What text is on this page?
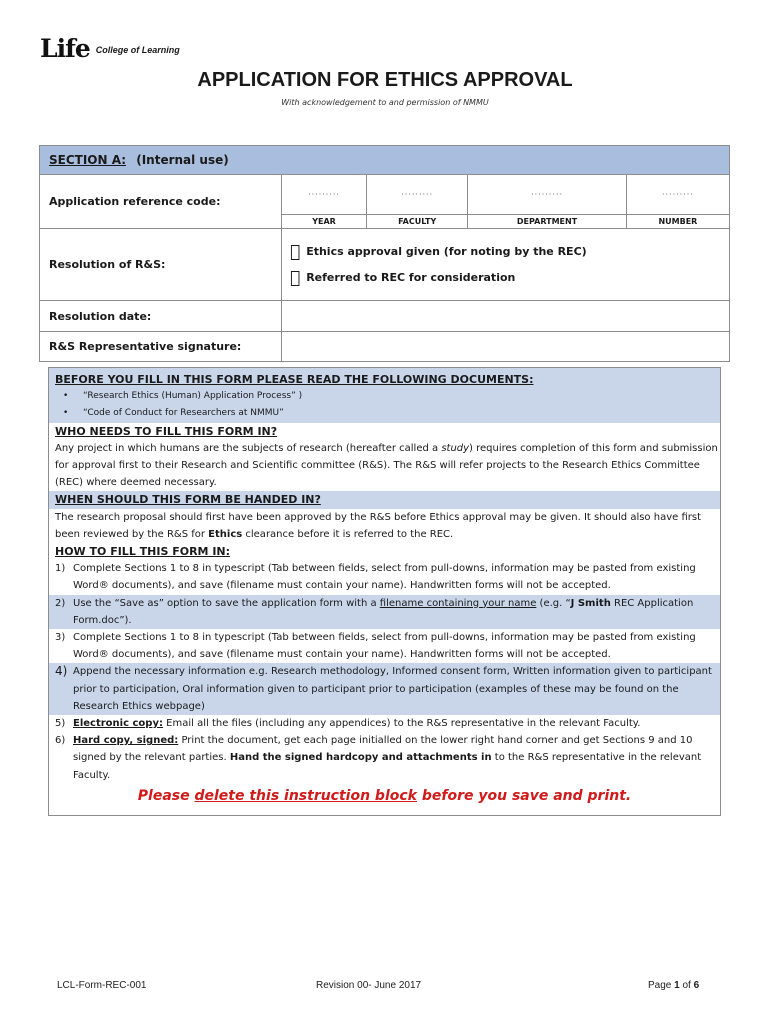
Life College of Learning
APPLICATION FOR ETHICS APPROVAL
With acknowledgement to and permission of NMMU
SECTION A: (Internal use)				
Application reference code:	·········	·········	·········	·········
	YEAR	FACULTY	DEPARTMENT	NUMBER
Resolution of R&S:	Ethics approval given (for noting by the REC)
Referred to REC for consideration			

Resolution date:				
R&S Representative signature:				
BEFORE YOU FILL IN THIS FORM PLEASE READ THE FOLLOWING DOCUMENTS:
•	“Research Ethics (Human) Application Process” )
•	“Code of Conduct for Researchers at NMMU”
WHO NEEDS TO FILL THIS FORM IN?
Any project in which humans are the subjects of research (hereafter called a study) requires completion of this form and submission for approval first to their Research and Scientific committee (R&S). The R&S will refer projects to the Research Ethics Committee (REC) where deemed necessary.
WHEN SHOULD THIS FORM BE HANDED IN?
The research proposal should first have been approved by the R&S before Ethics approval may be given. It should also have first been reviewed by the R&S for Ethics clearance before it is referred to the REC.
HOW TO FILL THIS FORM IN:
1) Complete Sections 1 to 8 in typescript (Tab between fields, select from pull-downs, information may be pasted from existing Word® documents), and save (filename must contain your name). Handwritten forms will not be accepted.
2) Use the “Save as” option to save the application form with a filename containing your name (e.g. “J Smith REC Application Form.doc”).
3) Complete Sections 1 to 8 in typescript (Tab between fields, select from pull-downs, information may be pasted from existing Word® documents), and save (filename must contain your name). Handwritten forms will not be accepted.
4) Append the necessary information e.g. Research methodology, Informed consent form, Written information given to participant prior to participation, Oral information given to participant prior to participation (examples of these may be found on the Research Ethics webpage)
5) Electronic copy: Email all the files (including any appendices) to the R&S representative in the relevant Faculty.
6) Hard copy, signed: Print the document, get each page initialled on the lower right hand corner and get Sections 9 and 10 signed by the relevant parties. Hand the signed hardcopy and attachments in to the R&S representative in the relevant Faculty.
Please delete this instruction block before you save and print.
LCL-Form-REC-001	Revision 00- June 2017	Page 1 of 6
